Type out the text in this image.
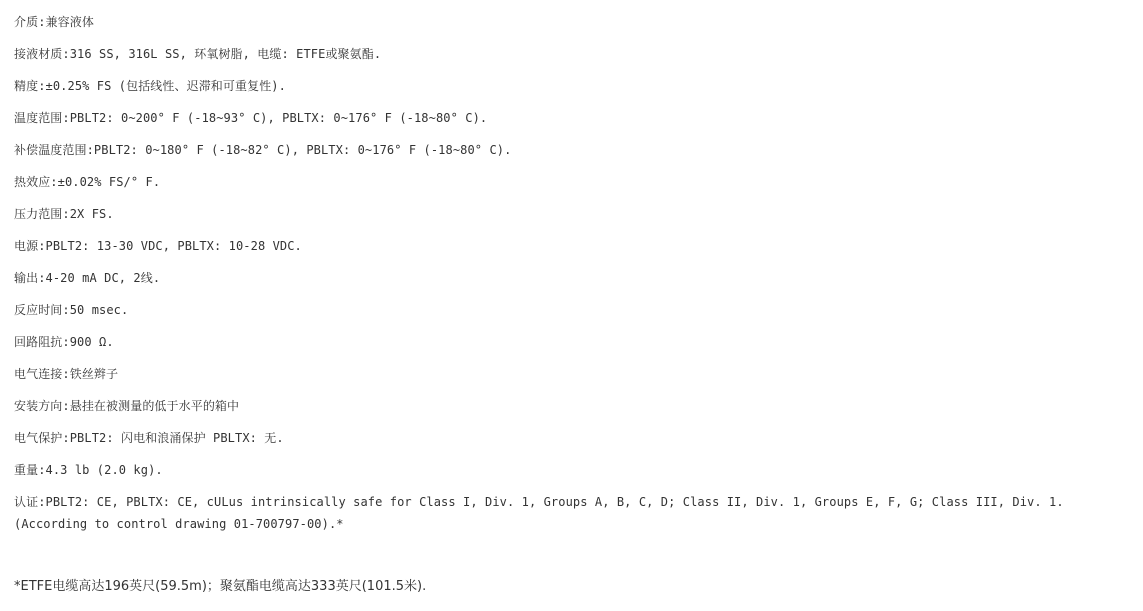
介质:兼容液体
接液材质:316 SS, 316L SS, 环氧树脂, 电缆: ETFE或聚氨酯.
精度:±0.25% FS (包括线性、迟滞和可重复性).
温度范围:PBLT2: 0~200° F (-18~93° C), PBLTX: 0~176° F (-18~80° C).
补偿温度范围:PBLT2: 0~180° F (-18~82° C), PBLTX: 0~176° F (-18~80° C).
热效应:±0.02% FS/° F.
压力范围:2X FS.
电源:PBLT2: 13-30 VDC, PBLTX: 10-28 VDC.
输出:4-20 mA DC, 2线.
反应时间:50 msec.
回路阻抗:900 Ω.
电气连接:铁丝辫子
安装方向:悬挂在被测量的低于水平的箱中
电气保护:PBLT2: 闪电和浪涌保护 PBLTX: 无.
重量:4.3 lb (2.0 kg).
认证:PBLT2: CE, PBLTX: CE, cULus intrinsically safe for Class I, Div. 1, Groups A, B, C, D; Class II, Div. 1, Groups E, F, G; Class III, Div. 1. (According to control drawing 01-700797-00).*
*ETFE电缆高达196英尺(59.5m)；聚氨酯电缆高达333英尺(101.5米).
